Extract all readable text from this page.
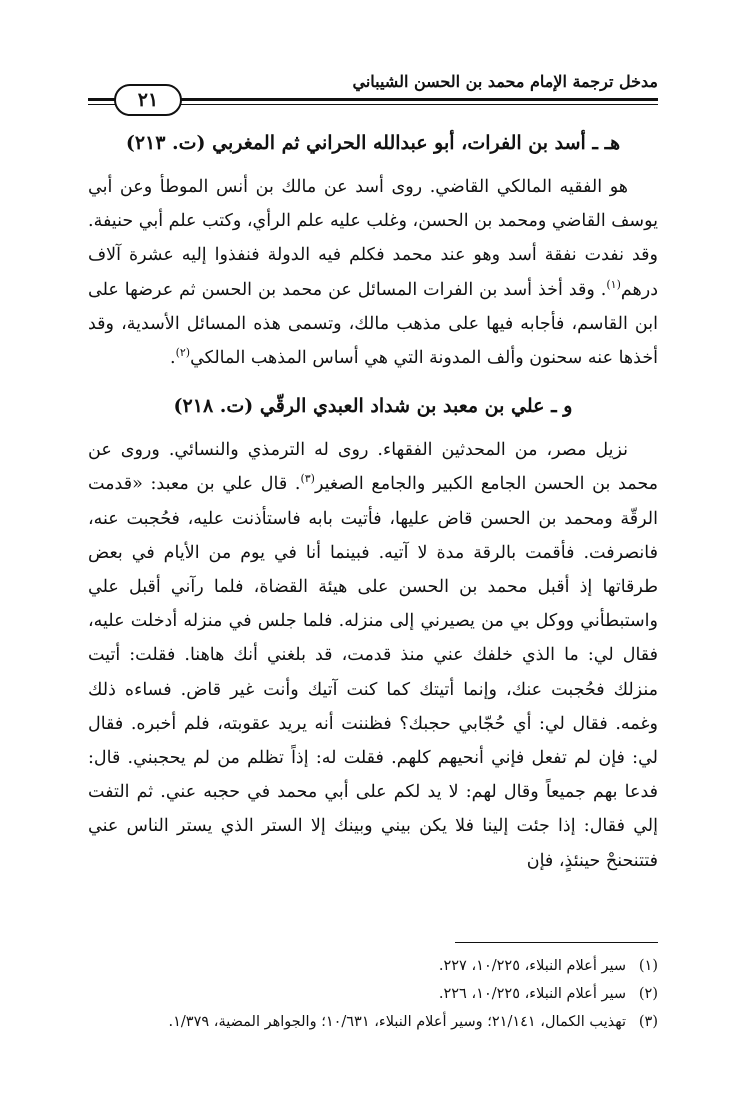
مدخل ترجمة الإمام محمد بن الحسن الشيباني
٢١
هـ ـ أسد بن الفرات، أبو عبدالله الحراني ثم المغربي (ت. ٢١٣)

هو الفقيه المالكي القاضي. روى أسد عن مالك بن أنس الموطأ وعن أبي يوسف القاضي ومحمد بن الحسن، وغلب عليه علم الرأي، وكتب علم أبي حنيفة. وقد نفدت نفقة أسد وهو عند محمد فكلم فيه الدولة فنفذوا إليه عشرة آلاف درهم$^{(١)}$. وقد أخذ أسد بن الفرات المسائل عن محمد بن الحسن ثم عرضها على ابن القاسم، فأجابه فيها على مذهب مالك، وتسمى هذه المسائل الأسدية، وقد أخذها عنه سحنون وألف المدونة التي هي أساس المذهب المالكي$^{(٢)}$.

و ـ علي بن معبد بن شداد العبدي الرقّي (ت. ٢١٨)

نزيل مصر، من المحدثين الفقهاء. روى له الترمذي والنسائي. وروى عن محمد بن الحسن الجامع الكبير والجامع الصغير$^{(٣)}$. قال علي بن معبد: «قدمت الرقّة ومحمد بن الحسن قاض عليها، فأتيت بابه فاستأذنت عليه، فحُجبت عنه، فانصرفت. فأقمت بالرقة مدة لا آتيه. فبينما أنا في يوم من الأيام في بعض طرقاتها إذ أقبل محمد بن الحسن على هيئة القضاة، فلما رآني أقبل علي واستبطأني ووكل بي من يصيرني إلى منزله. فلما جلس في منزله أدخلت عليه، فقال لي: ما الذي خلفك عني منذ قدمت، قد بلغني أنك هاهنا. فقلت: أتيت منزلك فحُجبت عنك، وإنما أتيتك كما كنت آتيك وأنت غير قاض. فساءه ذلك وغمه. فقال لي: أي حُجّابي حجبك؟ فظننت أنه يريد عقوبته، فلم أخبره. فقال لي: فإن لم تفعل فإني أنحيهم كلهم. فقلت له: إذاً تظلم من لم يحجبني. قال: فدعا بهم جميعاً وقال لهم: لا يد لكم على أبي محمد في حجبه عني. ثم التفت إلي فقال: إذا جئت إلينا فلا يكن بيني وبينك إلا الستر الذي يستر الناس عني فتتنحنحْ حينئذٍ، فإن

(١)
سير أعلام النبلاء، ١٠/٢٢٥، ٢٢٧.
(٢)
سير أعلام النبلاء، ١٠/٢٢٥، ٢٢٦.
(٣)
تهذيب الكمال، ٢١/١٤١؛ وسير أعلام النبلاء، ١٠/٦٣١؛ والجواهر المضية، ١/٣٧٩.
